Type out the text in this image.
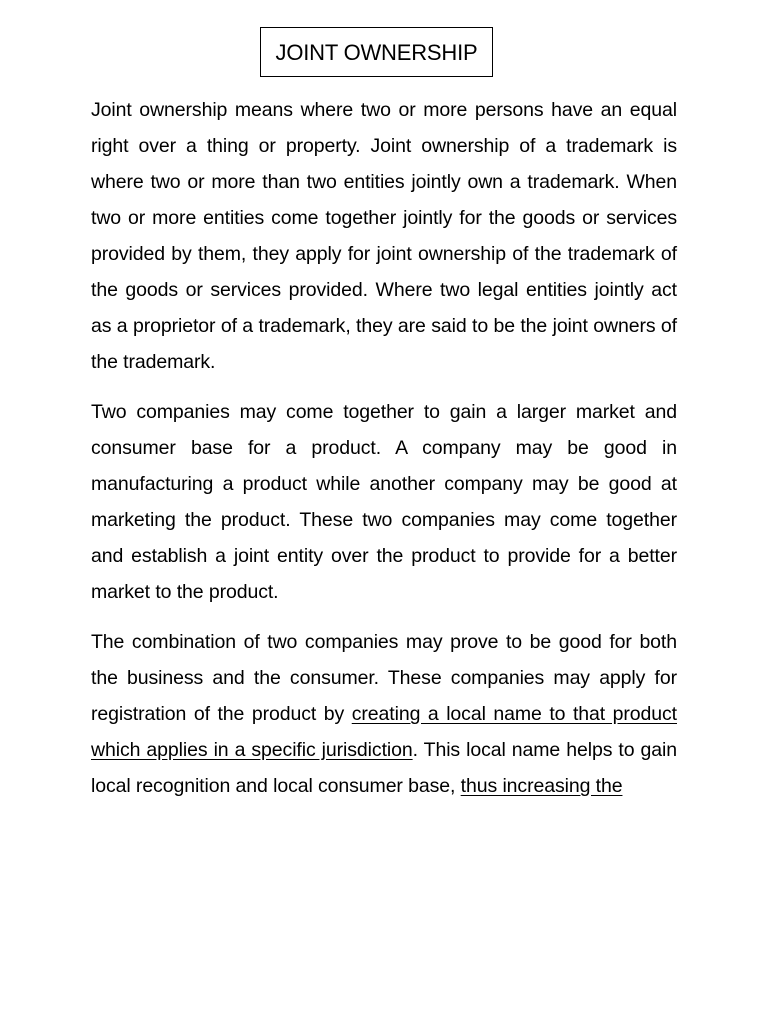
JOINT OWNERSHIP

Joint ownership means where two or more persons have an equal right over a thing or property. Joint ownership of a trademark is where two or more than two entities jointly own a trademark. When two or more entities come together jointly for the goods or services provided by them, they apply for joint ownership of the trademark of the goods or services provided. Where two legal entities jointly act as a proprietor of a trademark, they are said to be the joint owners of the trademark.

Two companies may come together to gain a larger market and consumer base for a product. A company may be good in manufacturing a product while another company may be good at marketing the product. These two companies may come together and establish a joint entity over the product to provide for a better market to the product.

The combination of two companies may prove to be good for both the business and the consumer. These companies may apply for registration of the product by creating a local name to that product which applies in a specific jurisdiction. This local name helps to gain local recognition and local consumer base, thus increasing the
